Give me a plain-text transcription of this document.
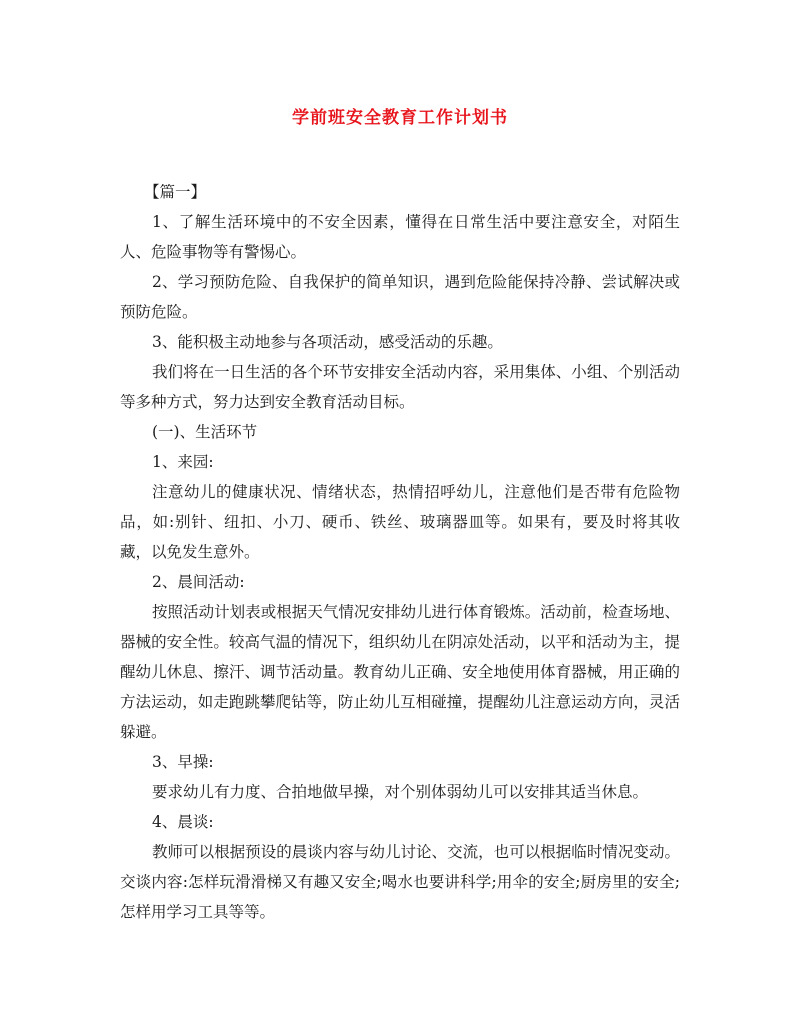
学前班安全教育工作计划书

【篇一】

1、了解生活环境中的不安全因素，懂得在日常生活中要注意安全，对陌生人、危险事物等有警惕心。

2、学习预防危险、自我保护的简单知识，遇到危险能保持冷静、尝试解决或预防危险。

3、能积极主动地参与各项活动，感受活动的乐趣。

我们将在一日生活的各个环节安排安全活动内容，采用集体、小组、个别活动等多种方式，努力达到安全教育活动目标。

(一)、生活环节

1、来园:

注意幼儿的健康状况、情绪状态，热情招呼幼儿，注意他们是否带有危险物品，如:别针、纽扣、小刀、硬币、铁丝、玻璃器皿等。如果有，要及时将其收藏，以免发生意外。

2、晨间活动:

按照活动计划表或根据天气情况安排幼儿进行体育锻炼。活动前，检查场地、器械的安全性。较高气温的情况下，组织幼儿在阴凉处活动，以平和活动为主，提醒幼儿休息、擦汗、调节活动量。教育幼儿正确、安全地使用体育器械，用正确的方法运动，如走跑跳攀爬钻等，防止幼儿互相碰撞，提醒幼儿注意运动方向，灵活躲避。

3、早操:

要求幼儿有力度、合拍地做早操，对个别体弱幼儿可以安排其适当休息。

4、晨谈:

教师可以根据预设的晨谈内容与幼儿讨论、交流，也可以根据临时情况变动。交谈内容:怎样玩滑滑梯又有趣又安全;喝水也要讲科学;用伞的安全;厨房里的安全;怎样用学习工具等等。
